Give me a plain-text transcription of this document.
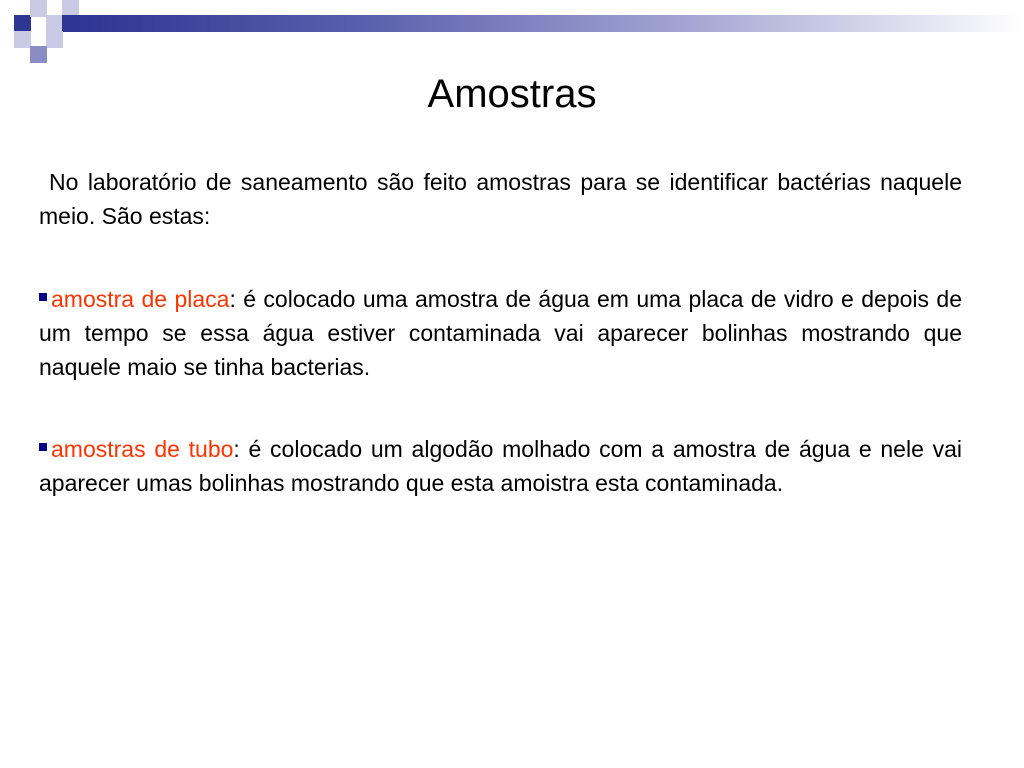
Amostras

No laboratório de saneamento são feito amostras para se identificar bactérias naquele meio. São estas:

amostra de placa: é colocado uma amostra de água em uma placa de vidro e depois de um tempo se essa água estiver contaminada vai aparecer bolinhas mostrando que naquele maio se tinha bacterias.

amostras de tubo: é colocado um algodão molhado com a amostra de água e nele vai aparecer umas bolinhas mostrando que esta amoistra esta contaminada.
